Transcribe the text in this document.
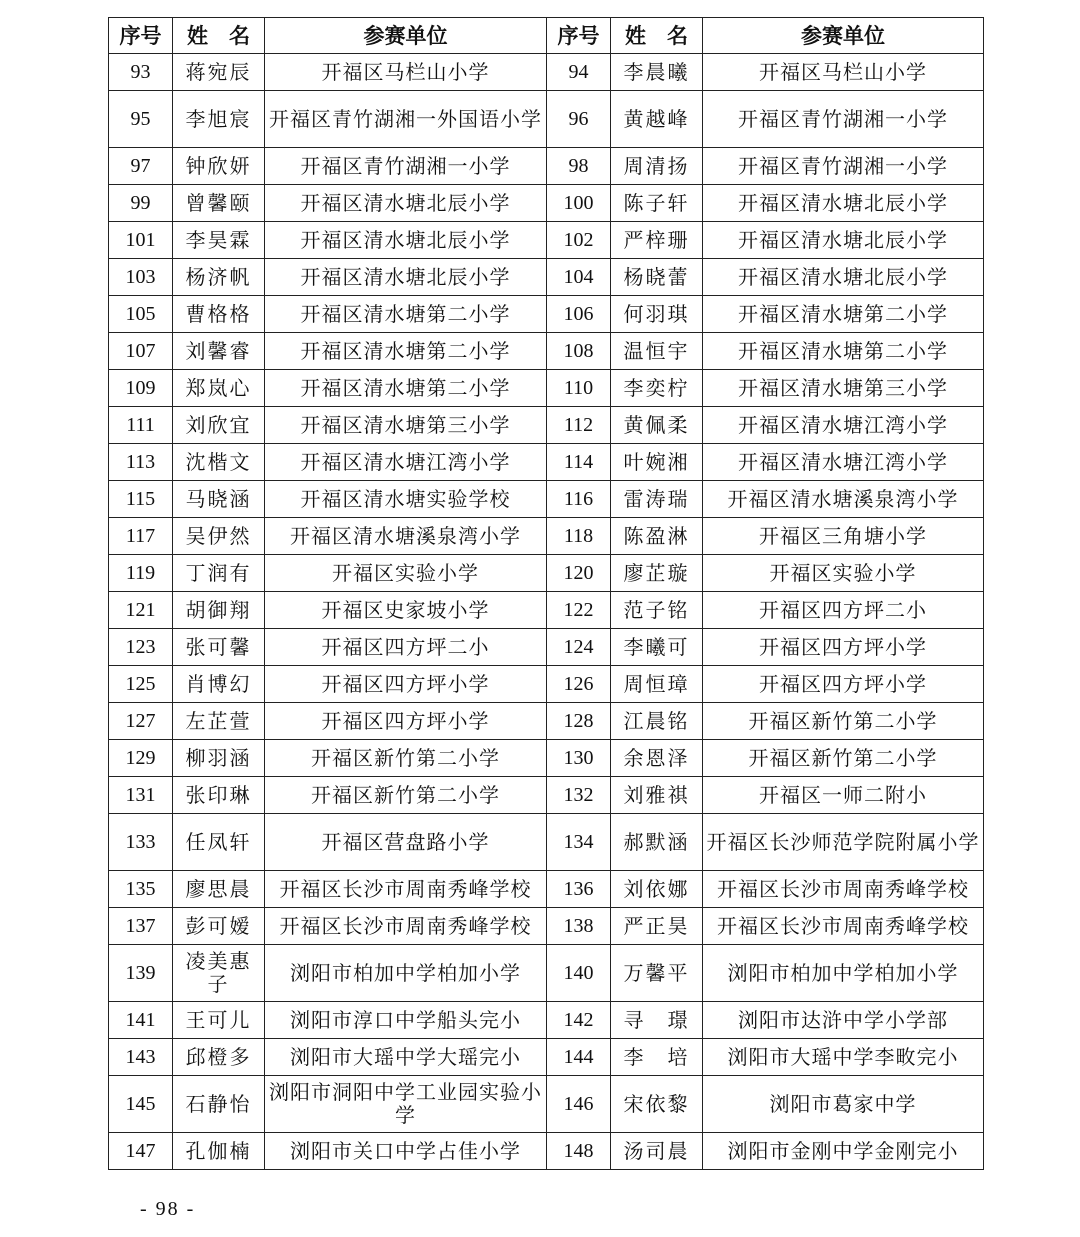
序号	姓　名	参赛单位	序号	姓　名	参赛单位
93	蒋宛辰	开福区马栏山小学	94	李晨曦	开福区马栏山小学
95	李旭宸	开福区青竹湖湘一外国语小学	96	黄越峰	开福区青竹湖湘一小学
97	钟欣妍	开福区青竹湖湘一小学	98	周清扬	开福区青竹湖湘一小学
99	曾馨颐	开福区清水塘北辰小学	100	陈子轩	开福区清水塘北辰小学
101	李昊霖	开福区清水塘北辰小学	102	严梓珊	开福区清水塘北辰小学
103	杨济帆	开福区清水塘北辰小学	104	杨晓蕾	开福区清水塘北辰小学
105	曹格格	开福区清水塘第二小学	106	何羽琪	开福区清水塘第二小学
107	刘馨睿	开福区清水塘第二小学	108	温恒宇	开福区清水塘第二小学
109	郑岚心	开福区清水塘第二小学	110	李奕柠	开福区清水塘第三小学
111	刘欣宜	开福区清水塘第三小学	112	黄佩柔	开福区清水塘江湾小学
113	沈楷文	开福区清水塘江湾小学	114	叶婉湘	开福区清水塘江湾小学
115	马晓涵	开福区清水塘实验学校	116	雷涛瑞	开福区清水塘溪泉湾小学
117	吴伊然	开福区清水塘溪泉湾小学	118	陈盈淋	开福区三角塘小学
119	丁润有	开福区实验小学	120	廖芷璇	开福区实验小学
121	胡御翔	开福区史家坡小学	122	范子铭	开福区四方坪二小
123	张可馨	开福区四方坪二小	124	李曦可	开福区四方坪小学
125	肖博幻	开福区四方坪小学	126	周恒璋	开福区四方坪小学
127	左芷萱	开福区四方坪小学	128	江晨铭	开福区新竹第二小学
129	柳羽涵	开福区新竹第二小学	130	余恩泽	开福区新竹第二小学
131	张印琳	开福区新竹第二小学	132	刘雅祺	开福区一师二附小
133	任凤轩	开福区营盘路小学	134	郝默涵	开福区长沙师范学院附属小学
135	廖思晨	开福区长沙市周南秀峰学校	136	刘依娜	开福区长沙市周南秀峰学校
137	彭可嫒	开福区长沙市周南秀峰学校	138	严正昊	开福区长沙市周南秀峰学校
139	凌美惠子	浏阳市柏加中学柏加小学	140	万馨平	浏阳市柏加中学柏加小学
141	王可儿	浏阳市淳口中学船头完小	142	寻　璟	浏阳市达浒中学小学部
143	邱橙多	浏阳市大瑶中学大瑶完小	144	李　培	浏阳市大瑶中学李畋完小
145	石静怡	浏阳市洞阳中学工业园实验小学	146	宋依黎	浏阳市葛家中学
147	孔伽楠	浏阳市关口中学占佳小学	148	汤司晨	浏阳市金刚中学金刚完小
- 98 -
